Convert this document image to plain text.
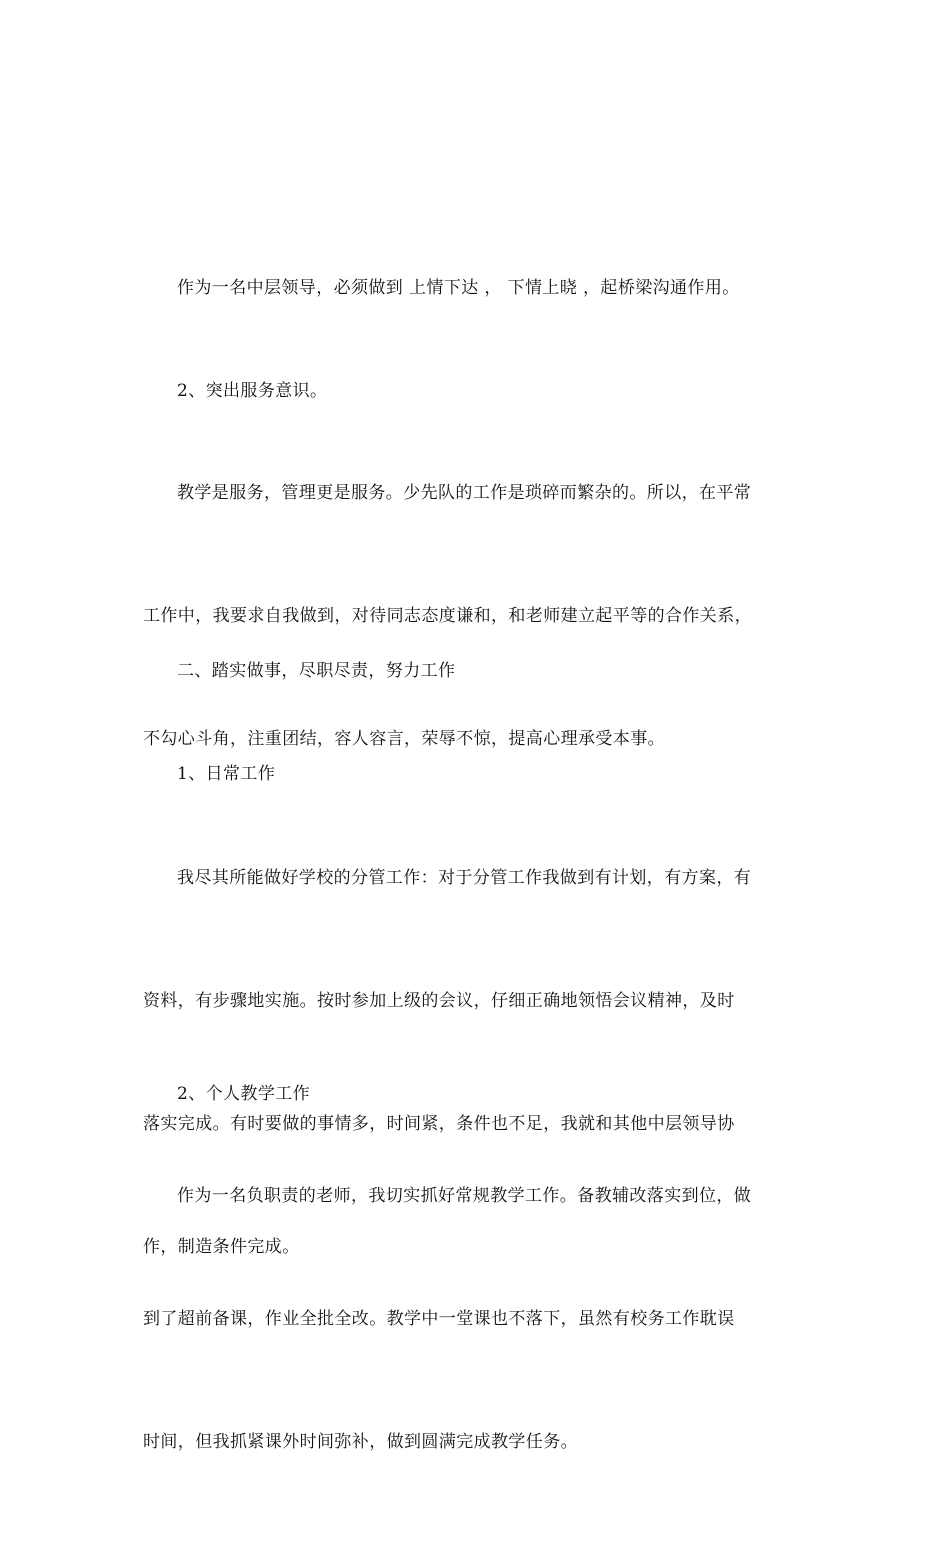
作为一名中层领导，必须做到 上情下达 ， 下情上晓 ，起桥梁沟通作用。

2、突出服务意识。

教学是服务，管理更是服务。少先队的工作是琐碎而繁杂的。所以，在平常

工作中，我要求自我做到，对待同志态度谦和，和老师建立起平等的合作关系，

不勾心斗角，注重团结，容人容言，荣辱不惊，提高心理承受本事。

二、踏实做事，尽职尽责，努力工作

1、日常工作

我尽其所能做好学校的分管工作：对于分管工作我做到有计划，有方案，有

资料，有步骤地实施。按时参加上级的会议，仔细正确地领悟会议精神，及时

落实完成。有时要做的事情多，时间紧，条件也不足，我就和其他中层领导协

作，制造条件完成。

2、个人教学工作

作为一名负职责的老师，我切实抓好常规教学工作。备教辅改落实到位，做

到了超前备课，作业全批全改。教学中一堂课也不落下，虽然有校务工作耽误

时间，但我抓紧课外时间弥补，做到圆满完成教学任务。
